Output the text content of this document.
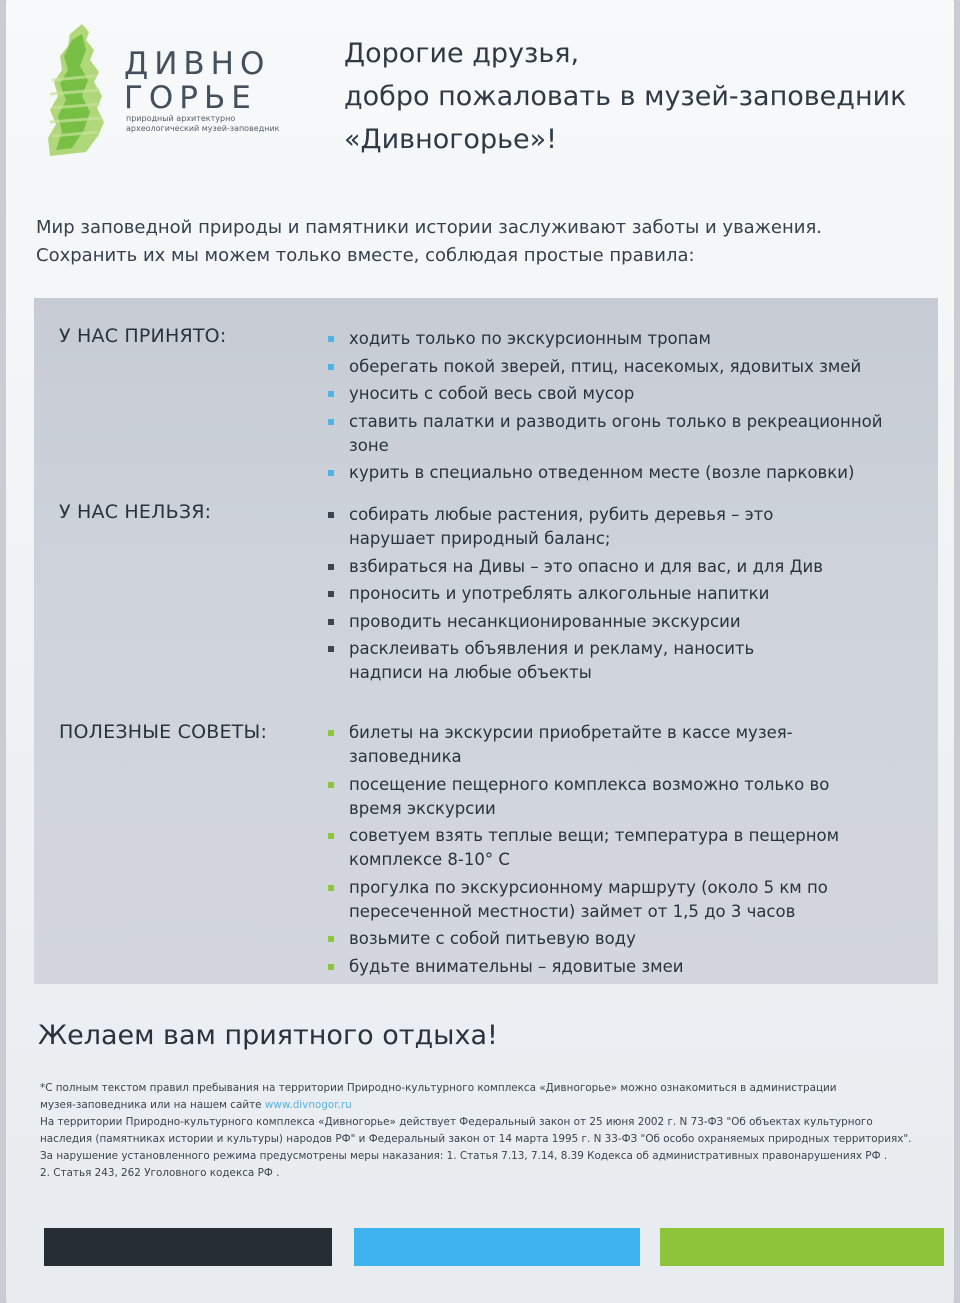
ДИВНО
ГОРЬЕ
природный архитектурно
археологический музей-заповедник
Дорогие друзья,
добро пожаловать в музей-заповедник
«Дивногорье»!
Мир заповедной природы и памятники истории заслуживают заботы и уважения.
Сохранить их мы можем только вместе, соблюдая простые правила:
У НАС ПРИНЯТО:	ходить только по экскурсионным тропам
оберегать покой зверей, птиц, насекомых, ядовитых змей
уносить с собой весь свой мусор
ставить палатки и разводить огонь только в рекреационной зоне
курить в специально отведенном месте (возле парковки)
У НАС НЕЛЬЗЯ:	собирать любые растения, рубить деревья – это нарушает природный баланс;
взбираться на Дивы – это опасно и для вас, и для Див
проносить и употреблять алкогольные напитки
проводить несанкционированные экскурсии
расклеивать объявления и рекламу, наносить надписи на любые объекты
ПОЛЕЗНЫЕ СОВЕТЫ:	билеты на экскурсии приобретайте в кассе музея-заповедника
посещение пещерного комплекса возможно только во время экскурсии
советуем взять теплые вещи; температура в пещерном комплексе 8-10° С
прогулка по экскурсионному маршруту (около 5 км по пересеченной местности) займет от 1,5 до 3 часов
возьмите с собой питьевую воду
будьте внимательны – ядовитые змеи
Желаем вам приятного отдыха!
*С полным текстом правил пребывания на территории Природно-культурного комплекса «Дивногорье» можно ознакомиться в администрации
музея-заповедника или на нашем сайте www.divnogor.ru
На территории Природно-культурного комплекса «Дивногорье» действует Федеральный закон от 25 июня 2002 г. N 73-ФЗ "Об объектах культурного
наследия (памятниках истории и культуры) народов РФ" и Федеральный закон от 14 марта 1995 г. N 33-ФЗ "Об особо охраняемых природных территориях".
За нарушение установленного режима предусмотрены меры наказания: 1. Статья 7.13, 7.14, 8.39 Кодекса об административных правонарушениях РФ .
2. Статья 243, 262 Уголовного кодекса РФ .
